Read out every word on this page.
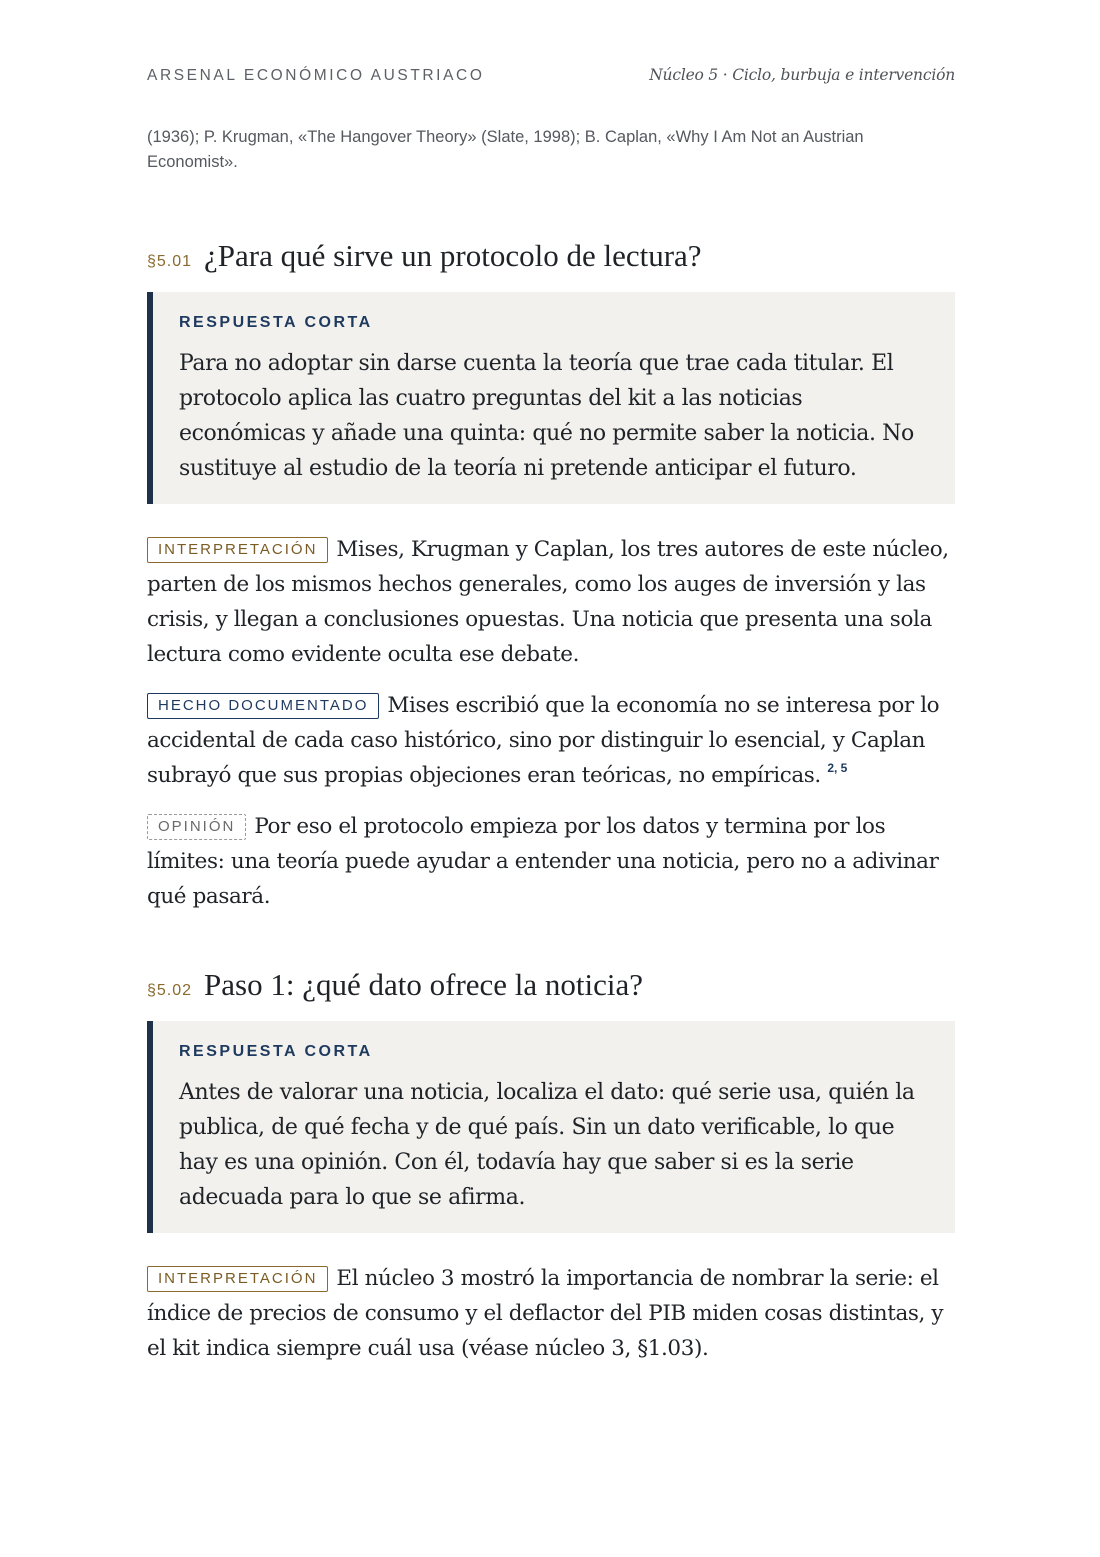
ARSENAL ECONÓMICO AUSTRIACO	Núcleo 5 · Ciclo, burbuja e intervención
(1936); P. Krugman, «The Hangover Theory» (Slate, 1998); B. Caplan, «Why I Am Not an Austrian Economist».
§5.01 ¿Para qué sirve un protocolo de lectura?
RESPUESTA CORTA
Para no adoptar sin darse cuenta la teoría que trae cada titular. El protocolo aplica las cuatro preguntas del kit a las noticias económicas y añade una quinta: qué no permite saber la noticia. No sustituye al estudio de la teoría ni pretende anticipar el futuro.

INTERPRETACIÓN Mises, Krugman y Caplan, los tres autores de este núcleo, parten de los mismos hechos generales, como los auges de inversión y las crisis, y llegan a conclusiones opuestas. Una noticia que presenta una sola lectura como evidente oculta ese debate.

HECHO DOCUMENTADO Mises escribió que la economía no se interesa por lo accidental de cada caso histórico, sino por distinguir lo esencial, y Caplan subrayó que sus propias objeciones eran teóricas, no empíricas. $^{2, 5}$

OPINIÓN Por eso el protocolo empieza por los datos y termina por los límites: una teoría puede ayudar a entender una noticia, pero no a adivinar qué pasará.

§5.02 Paso 1: ¿qué dato ofrece la noticia?
RESPUESTA CORTA
Antes de valorar una noticia, localiza el dato: qué serie usa, quién la publica, de qué fecha y de qué país. Sin un dato verificable, lo que hay es una opinión. Con él, todavía hay que saber si es la serie adecuada para lo que se afirma.

INTERPRETACIÓN El núcleo 3 mostró la importancia de nombrar la serie: el índice de precios de consumo y el deflactor del PIB miden cosas distintas, y el kit indica siempre cuál usa (véase núcleo 3, §1.03).
